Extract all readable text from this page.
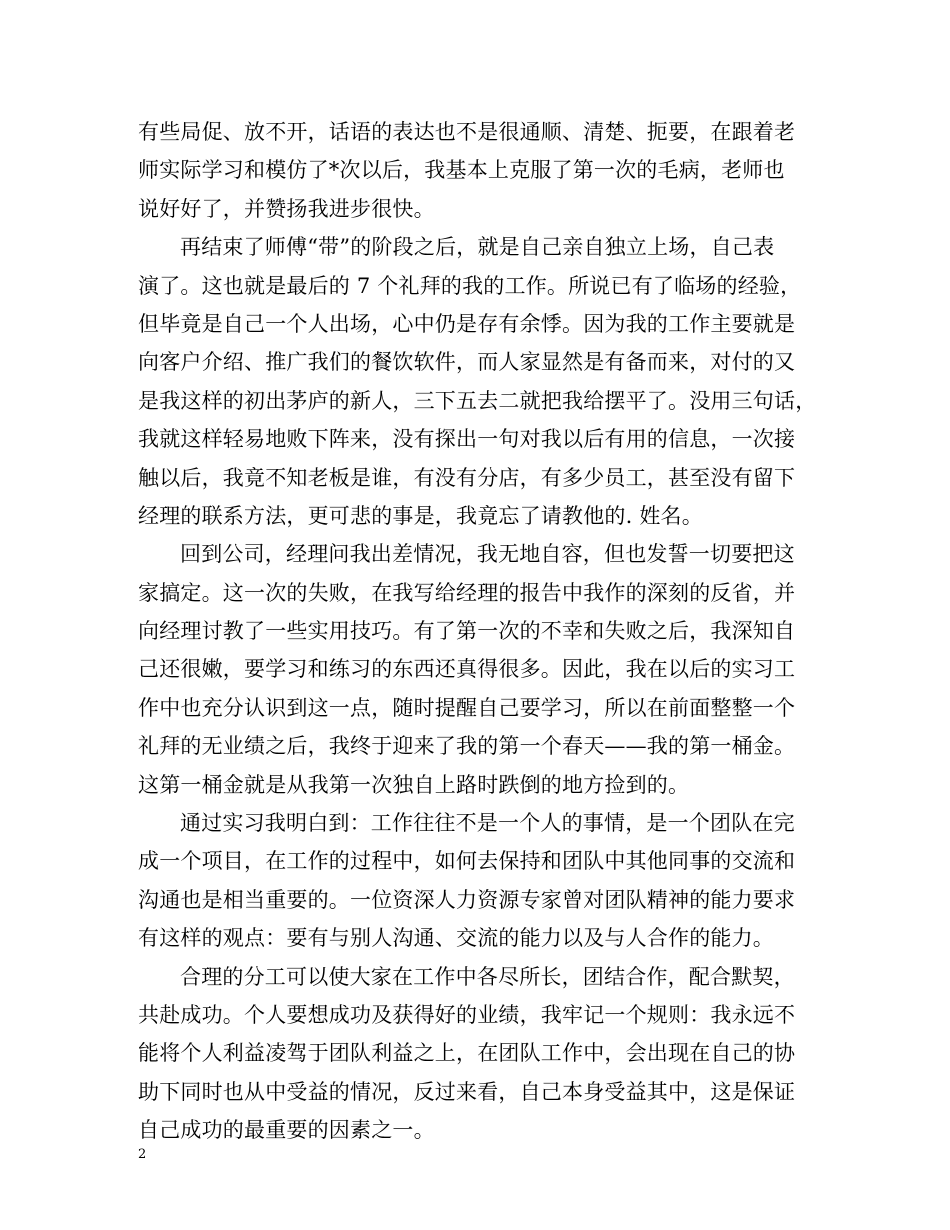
有些局促、放不开，话语的表达也不是很通顺、清楚、扼要，在跟着老
师实际学习和模仿了*次以后，我基本上克服了第一次的毛病，老师也
说好好了，并赞扬我进步很快。
再结束了师傅“带”的阶段之后，就是自己亲自独立上场，自己表
演了。这也就是最后的 7 个礼拜的我的工作。所说已有了临场的经验，
但毕竟是自己一个人出场，心中仍是存有余悸。因为我的工作主要就是
向客户介绍、推广我们的餐饮软件，而人家显然是有备而来，对付的又
是我这样的初出茅庐的新人，三下五去二就把我给摆平了。没用三句话，
我就这样轻易地败下阵来，没有探出一句对我以后有用的信息，一次接
触以后，我竟不知老板是谁，有没有分店，有多少员工，甚至没有留下
经理的联系方法，更可悲的事是，我竟忘了请教他的. 姓名。
回到公司，经理问我出差情况，我无地自容，但也发誓一切要把这
家搞定。这一次的失败，在我写给经理的报告中我作的深刻的反省，并
向经理讨教了一些实用技巧。有了第一次的不幸和失败之后，我深知自
己还很嫩，要学习和练习的东西还真得很多。因此，我在以后的实习工
作中也充分认识到这一点，随时提醒自己要学习，所以在前面整整一个
礼拜的无业绩之后，我终于迎来了我的第一个春天——我的第一桶金。
这第一桶金就是从我第一次独自上路时跌倒的地方捡到的。
通过实习我明白到：工作往往不是一个人的事情，是一个团队在完
成一个项目，在工作的过程中，如何去保持和团队中其他同事的交流和
沟通也是相当重要的。一位资深人力资源专家曾对团队精神的能力要求
有这样的观点：要有与别人沟通、交流的能力以及与人合作的能力。
合理的分工可以使大家在工作中各尽所长，团结合作，配合默契，
共赴成功。个人要想成功及获得好的业绩，我牢记一个规则：我永远不
能将个人利益凌驾于团队利益之上，在团队工作中，会出现在自己的协
助下同时也从中受益的情况，反过来看，自己本身受益其中，这是保证
自己成功的最重要的因素之一。
2
